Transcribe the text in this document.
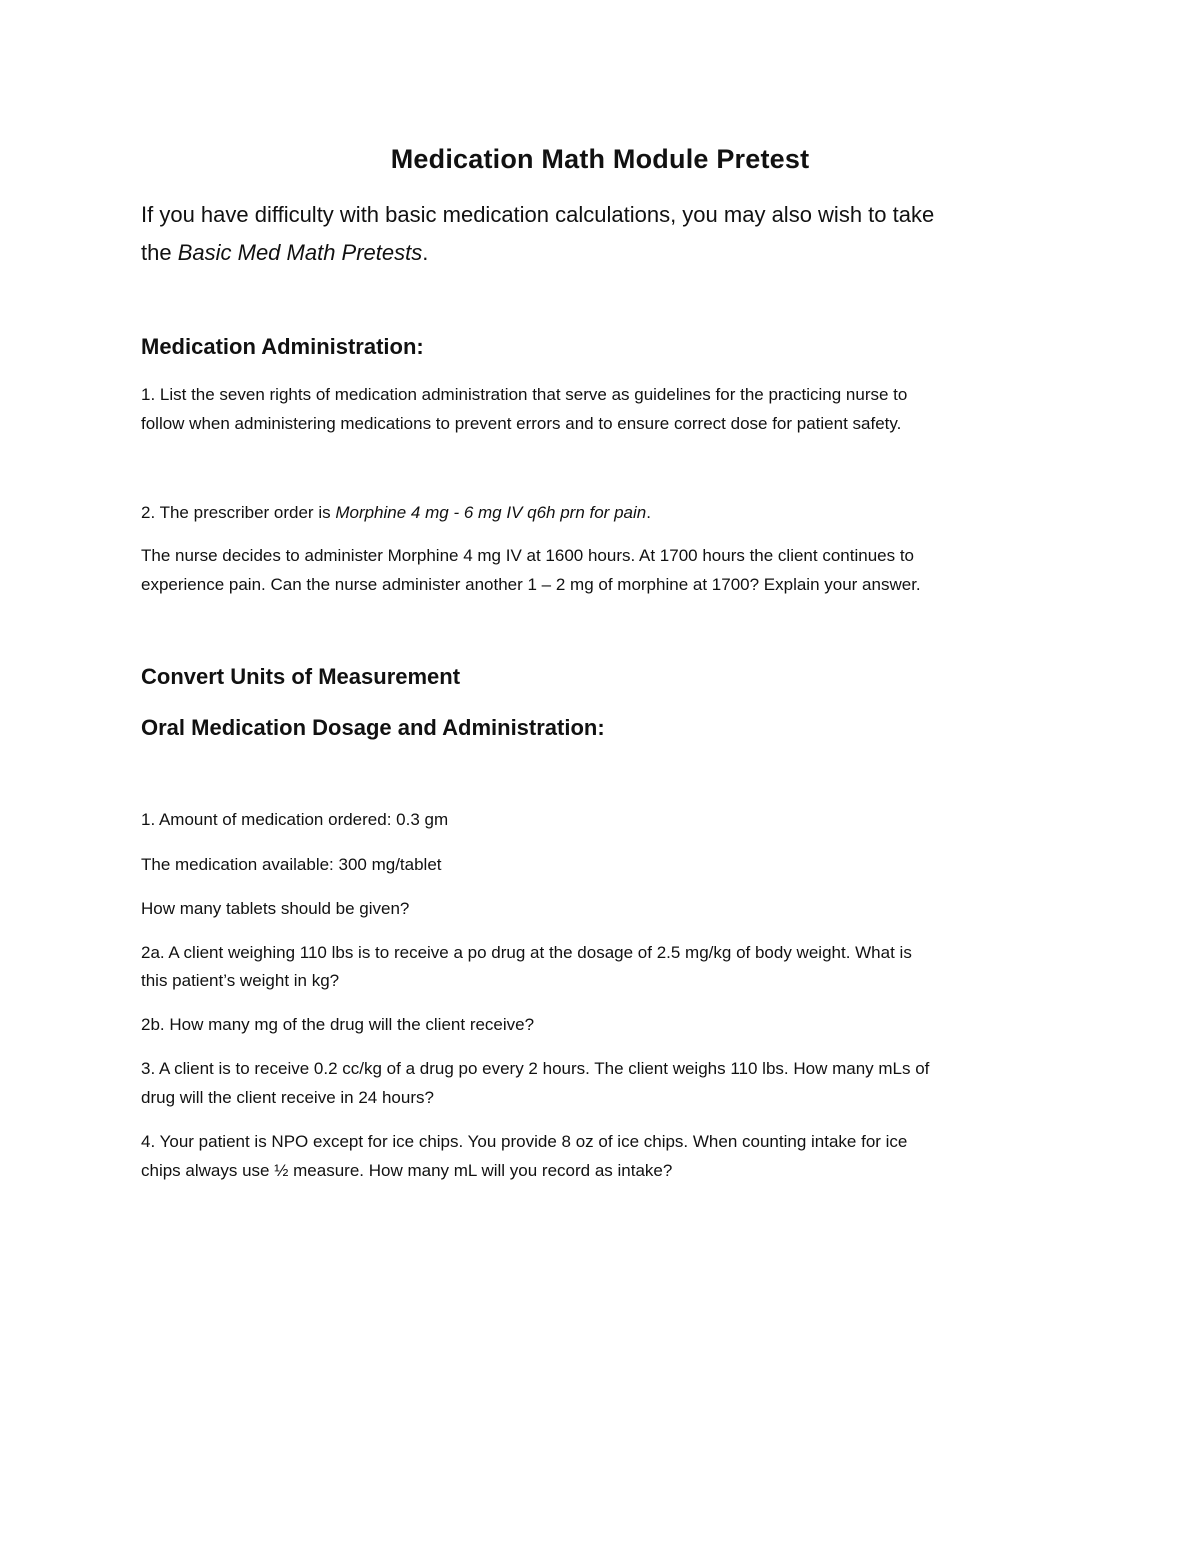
Medication Math Module Pretest
If you have difficulty with basic medication calculations, you may also wish to take
the Basic Med Math Pretests.
Medication Administration:
1. List the seven rights of medication administration that serve as guidelines for the practicing nurse to
follow when administering medications to prevent errors and to ensure correct dose for patient safety.
2. The prescriber order is Morphine 4 mg - 6 mg IV q6h prn for pain.
The nurse decides to administer Morphine 4 mg IV at 1600 hours. At 1700 hours the client continues to
experience pain. Can the nurse administer another 1 – 2 mg of morphine at 1700? Explain your answer.
Convert Units of Measurement
Oral Medication Dosage and Administration:
1. Amount of medication ordered: 0.3 gm
The medication available: 300 mg/tablet
How many tablets should be given?
2a. A client weighing 110 lbs is to receive a po drug at the dosage of 2.5 mg/kg of body weight. What is
this patient’s weight in kg?
2b. How many mg of the drug will the client receive?
3. A client is to receive 0.2 cc/kg of a drug po every 2 hours. The client weighs 110 lbs. How many mLs of
drug will the client receive in 24 hours?
4. Your patient is NPO except for ice chips. You provide 8 oz of ice chips. When counting intake for ice
chips always use ½ measure. How many mL will you record as intake?
